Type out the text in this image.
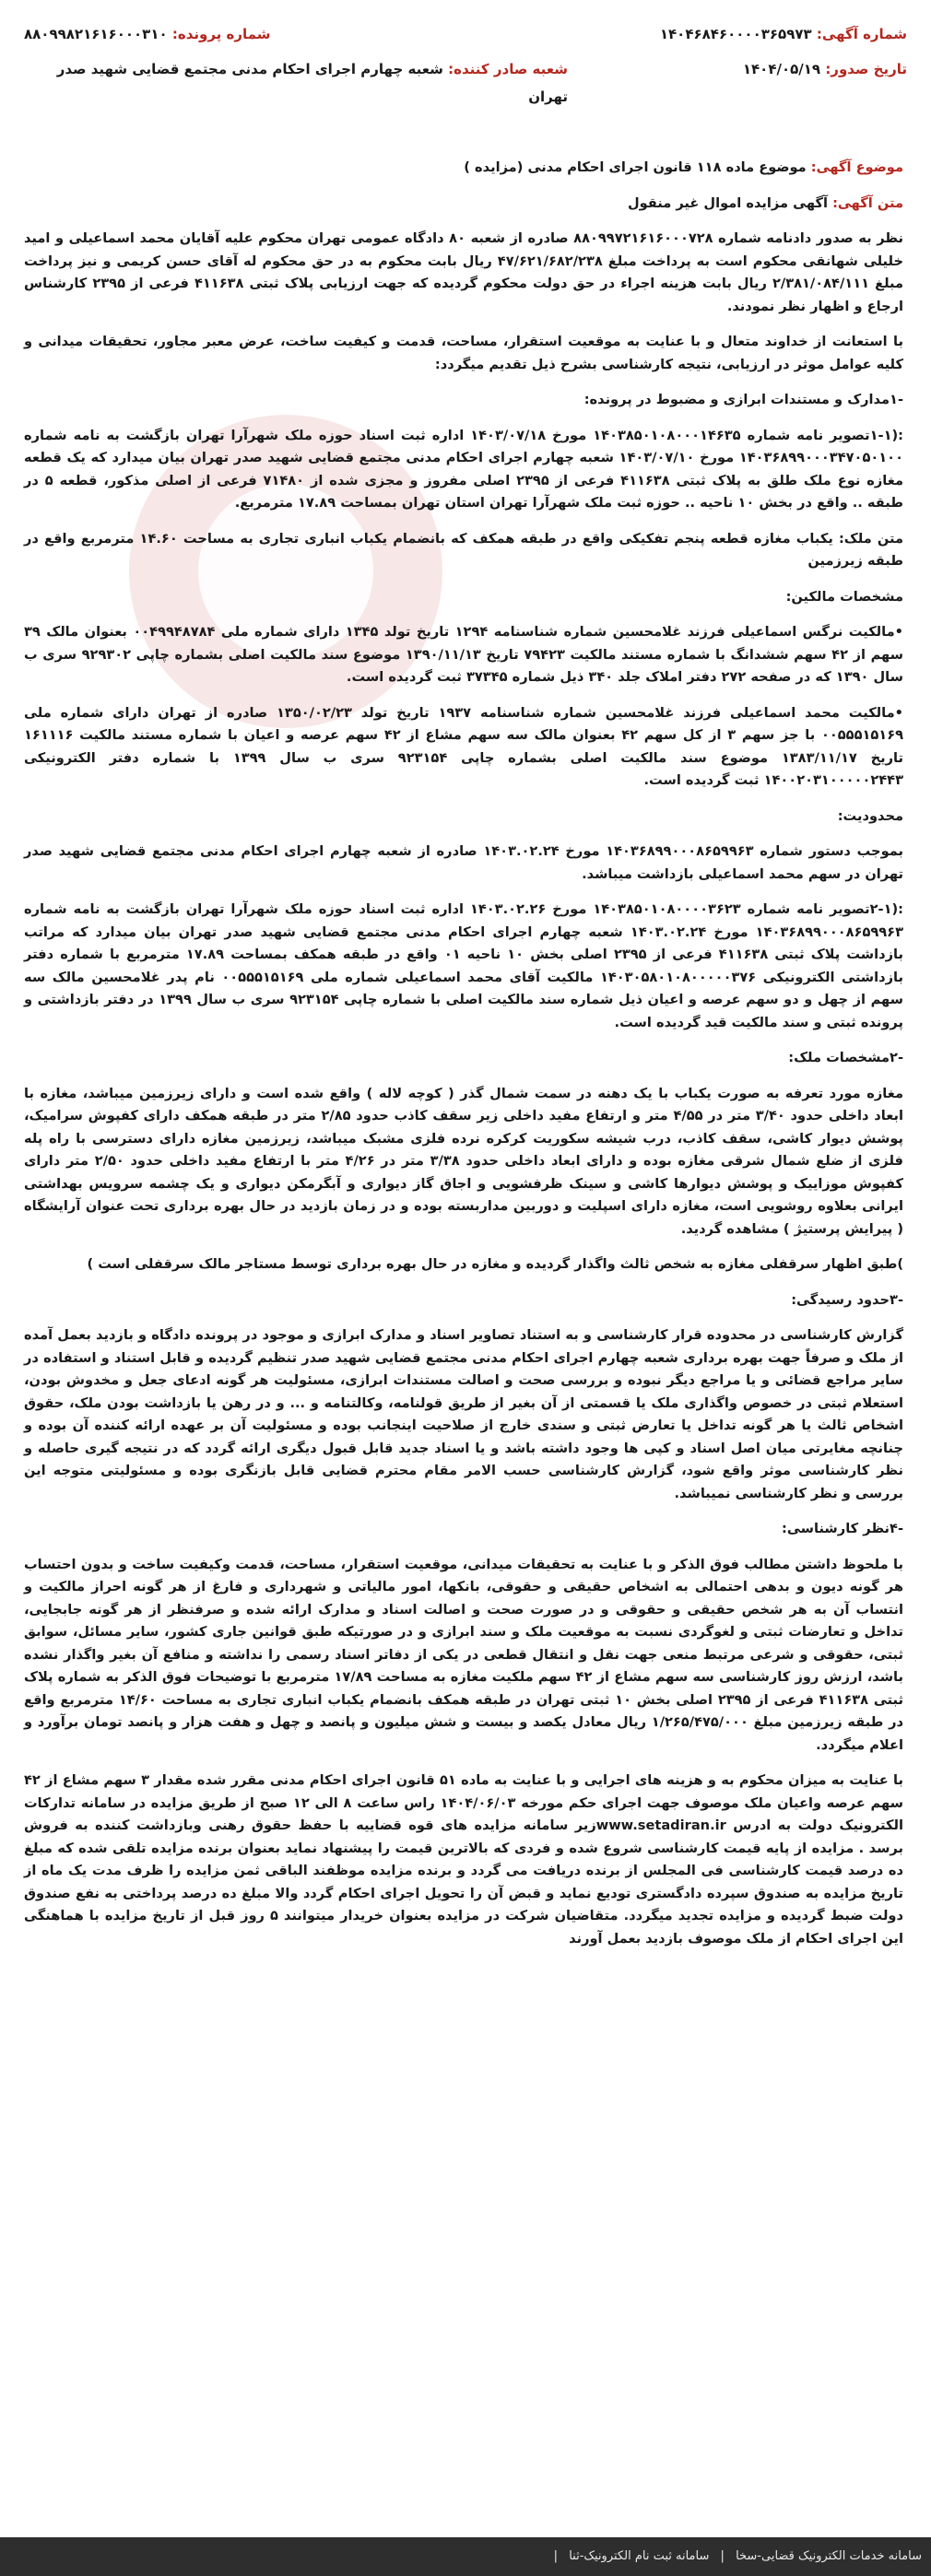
شماره آگهی: ۱۴۰۴۶۸۴۶۰۰۰۰۳۶۵۹۷۳
شماره پرونده: ۸۸۰۹۹۸۲۱۶۱۶۰۰۰۳۱۰
تاریخ صدور: ۱۴۰۴/۰۵/۱۹
شعبه صادر کننده: شعبه چهارم اجرای احکام مدنی مجتمع قضایی شهید صدر تهران

موضوع آگهی: موضوع ماده ۱۱۸ قانون اجرای احکام مدنی (مزایده )

متن آگهی: آگهی مزایده اموال غیر منقول

نظر به صدور دادنامه شماره ۸۸۰۹۹۷۲۱۶۱۶۰۰۰۷۲۸ صادره از شعبه ۸۰ دادگاه عمومی تهران محکوم علیه آقایان محمد اسماعیلی و امید خلیلی شهانقی محکوم است به پرداخت مبلغ ۴۷/۶۲۱/۶۸۲/۲۳۸ ریال بابت محکوم به در حق محکوم له آقای حسن کریمی و نیز پرداخت مبلغ ۲/۳۸۱/۰۸۴/۱۱۱ ریال بابت هزینه اجراء در حق دولت محکوم گردیده که جهت ارزیابی پلاک ثبتی ۴۱۱۶۳۸ فرعی از ۲۳۹۵ کارشناس ارجاع و اظهار نظر نمودند.

با استعانت از خداوند متعال و با عنایت به موقعیت استقرار، مساحت، قدمت و کیفیت ساخت، عرض معبر مجاور، تحقیقات میدانی و کلیه عوامل موثر در ارزیابی، نتیجه کارشناسی بشرح ذیل تقدیم میگردد:

-۱مدارک و مستندات ابرازی و مضبوط در پرونده:

:(۱-۱تصویر نامه شماره ۱۴۰۳۸۵۰۱۰۸۰۰۰۱۴۶۳۵ مورخ ۱۴۰۳/۰۷/۱۸ اداره ثبت اسناد حوزه ملک شهرآرا تهران بازگشت به نامه شماره ۱۴۰۳۶۸۹۹۰۰۰۳۴۷۰۵۰۱۰۰ مورخ ۱۴۰۳/۰۷/۱۰ شعبه چهارم اجرای احکام مدنی مجتمع قضایی شهید صدر تهران بیان میدارد که یک قطعه مغازه نوع ملک طلق به پلاک ثبتی ۴۱۱۶۳۸ فرعی از ۲۳۹۵ اصلی مفروز و مجزی شده از ۷۱۴۸۰ فرعی از اصلی مذکور، قطعه ۵ در طبقه .. واقع در بخش ۱۰ ناحیه .. حوزه ثبت ملک شهرآرا تهران استان تهران بمساحت ۱۷.۸۹ مترمربع.

متن ملک: یکباب مغازه قطعه پنجم تفکیکی واقع در طبقه همکف که بانضمام یکباب انباری تجاری به مساحت ۱۴.۶۰ مترمربع واقع در طبقه زیرزمین

مشخصات مالکین:

•مالکیت نرگس اسماعیلی فرزند غلامحسین شماره شناسنامه ۱۲۹۴ تاریخ تولد ۱۳۴۵ دارای شماره ملی ۰۰۴۹۹۴۸۷۸۴ بعنوان مالک ۳۹ سهم از ۴۲ سهم ششدانگ با شماره مستند مالکیت ۷۹۴۲۳ تاریخ ۱۳۹۰/۱۱/۱۳ موضوع سند مالکیت اصلی بشماره چاپی ۹۲۹۳۰۲ سری ب سال ۱۳۹۰ که در صفحه ۲۷۲ دفتر املاک جلد ۳۴۰ ذیل شماره ۳۷۳۴۵ ثبت گردیده است.

•مالکیت محمد اسماعیلی فرزند غلامحسین شماره شناسنامه ۱۹۳۷ تاریخ تولد ۱۳۵۰/۰۲/۲۳ صادره از تهران دارای شماره ملی ۰۰۵۵۵۱۵۱۶۹ با جز سهم ۳ از کل سهم ۴۲ بعنوان مالک سه سهم مشاع از ۴۲ سهم عرصه و اعیان با شماره مستند مالکیت ۱۶۱۱۱۶ تاریخ ۱۳۸۳/۱۱/۱۷ موضوع سند مالکیت اصلی بشماره چاپی ۹۲۳۱۵۴ سری ب سال ۱۳۹۹ با شماره دفتر الکترونیکی ۱۴۰۰۲۰۳۱۰۰۰۰۰۲۴۴۳ ثبت گردیده است.

محدودیت:

بموجب دستور شماره ۱۴۰۳۶۸۹۹۰۰۰۸۶۵۹۹۶۳ مورخ ۱۴۰۳.۰۲.۲۴ صادره از شعبه چهارم اجرای احکام مدنی مجتمع قضایی شهید صدر تهران در سهم محمد اسماعیلی بازداشت میباشد.

:(۲-۱تصویر نامه شماره ۱۴۰۳۸۵۰۱۰۸۰۰۰۰۳۶۲۳ مورخ ۱۴۰۳.۰۲.۲۶ اداره ثبت اسناد حوزه ملک شهرآرا تهران بازگشت به نامه شماره ۱۴۰۳۶۸۹۹۰۰۰۸۶۵۹۹۶۳ مورخ ۱۴۰۳.۰۲.۲۴ شعبه چهارم اجرای احکام مدنی مجتمع قضایی شهید صدر تهران بیان میدارد که مراتب بازداشت پلاک ثبتی ۴۱۱۶۳۸ فرعی از ۲۳۹۵ اصلی بخش ۱۰ ناحیه ۰۱ واقع در طبقه همکف بمساحت ۱۷.۸۹ مترمربع با شماره دفتر بازداشتی الکترونیکی ۱۴۰۳۰۵۸۰۱۰۸۰۰۰۰۰۳۷۶ مالکیت آقای محمد اسماعیلی شماره ملی ۰۰۵۵۵۱۵۱۶۹ نام پدر غلامحسین مالک سه سهم از چهل و دو سهم عرصه و اعیان ذیل شماره سند مالکیت اصلی با شماره چاپی ۹۲۳۱۵۴ سری ب سال ۱۳۹۹ در دفتر بازداشتی و پرونده ثبتی و سند مالکیت قید گردیده است.

-۲مشخصات ملک:

مغازه مورد تعرفه به صورت یکباب با یک دهنه در سمت شمال گذر ( کوچه لاله ) واقع شده است و دارای زیرزمین میباشد، مغازه با ابعاد داخلی حدود ۳/۴۰ متر در ۴/۵۵ متر و ارتفاع مفید داخلی زیر سقف کاذب حدود ۲/۸۵ متر در طبقه همکف دارای کفپوش سرامیک، پوشش دیوار کاشی، سقف کاذب، درب شیشه سکوریت کرکره نرده فلزی مشبک میباشد، زیرزمین مغازه دارای دسترسی با راه پله فلزی از ضلع شمال شرقی مغازه بوده و دارای ابعاد داخلی حدود ۳/۳۸ متر در ۴/۲۶ متر با ارتفاع مفید داخلی حدود ۲/۵۰ متر دارای کفپوش موزاییک و پوشش دیوارها کاشی و سینک ظرفشویی و اجاق گاز دیواری و آبگرمکن دیواری و یک چشمه سرویس بهداشتی ایرانی بعلاوه روشویی است، مغازه دارای اسپلیت و دوربین مداربسته بوده و در زمان بازدید در حال بهره برداری تحت عنوان آرایشگاه ( پیرایش پرستیژ ) مشاهده گردید.

)طبق اظهار سرقفلی مغازه به شخص ثالث واگذار گردیده و مغازه در حال بهره برداری توسط مستاجر مالک سرقفلی است )

-۳حدود رسیدگی:

گزارش کارشناسی در محدوده قرار کارشناسی و به استناد تصاویر اسناد و مدارک ابرازی و موجود در پرونده دادگاه و بازدید بعمل آمده از ملک و صرفاً جهت بهره برداری شعبه چهارم اجرای احکام مدنی مجتمع قضایی شهید صدر تنظیم گردیده و قابل استناد و استفاده در سایر مراجع قضائی و یا مراجع دیگر نبوده و بررسی صحت و اصالت مستندات ابرازی، مسئولیت هر گونه ادعای جعل و مخدوش بودن، استعلام ثبتی در خصوص واگذاری ملک یا قسمتی از آن بغیر از طریق قولنامه، وکالتنامه و ... و در رهن یا بازداشت بودن ملک، حقوق اشخاص ثالث یا هر گونه تداخل یا تعارض ثبتی و سندی خارج از صلاحیت اینجانب بوده و مسئولیت آن بر عهده ارائه کننده آن بوده و چنانچه مغایرتی میان اصل اسناد و کپی ها وجود داشته باشد و یا اسناد جدید قابل قبول دیگری ارائه گردد که در نتیجه گیری حاصله و نظر کارشناسی موثر واقع شود، گزارش کارشناسی حسب الامر مقام محترم قضایی قابل بازنگری بوده و مسئولیتی متوجه این بررسی و نظر کارشناسی نمیباشد.

-۴نظر کارشناسی:

با ملحوظ داشتن مطالب فوق الذکر و با عنایت به تحقیقات میدانی، موقعیت استقرار، مساحت، قدمت وکیفیت ساخت و بدون احتساب هر گونه دیون و بدهی احتمالی به اشخاص حقیقی و حقوقی، بانکها، امور مالیاتی و شهرداری و فارغ از هر گونه احراز مالکیت و انتساب آن به هر شخص حقیقی و حقوقی و در صورت صحت و اصالت اسناد و مدارک ارائه شده و صرفنظر از هر گونه جابجایی، تداخل و تعارضات ثبتی و لغوگردی نسبت به موقعیت ملک و سند ابرازی و در صورتیکه طبق قوانین جاری کشور، سایر مسائل، سوابق ثبتی، حقوقی و شرعی مرتبط منعی جهت نقل و انتقال قطعی در یکی از دفاتر اسناد رسمی را نداشته و منافع آن بغیر واگذار نشده باشد، ارزش روز کارشناسی سه سهم مشاع از ۴۲ سهم ملکیت مغازه به مساحت ۱۷/۸۹ مترمربع با توضیحات فوق الذکر به شماره پلاک ثبتی ۴۱۱۶۳۸ فرعی از ۲۳۹۵ اصلی بخش ۱۰ ثبتی تهران در طبقه همکف بانضمام یکباب انباری تجاری به مساحت ۱۴/۶۰ مترمربع واقع در طبقه زیرزمین مبلغ ۱/۲۶۵/۴۷۵/۰۰۰ ریال معادل یکصد و بیست و شش میلیون و پانصد و چهل و هفت هزار و پانصد تومان برآورد و اعلام میگردد.

با عنایت به میزان محکوم به و هزینه های اجرایی و با عنایت به ماده ۵۱ قانون اجرای احکام مدنی مقرر شده مقدار ۳ سهم مشاع از ۴۲ سهم عرصه واعیان ملک موصوف جهت اجرای حکم مورخه ۱۴۰۴/۰۶/۰۳ راس ساعت ۸ الی ۱۲ صبح از طریق مزایده در سامانه تدارکات الکترونیک دولت به ادرس www.setadiran.irزیر سامانه مزایده های قوه قضاییه با حفظ حقوق رهنی وبازداشت کننده به فروش برسد . مزایده از پایه قیمت کارشناسی شروع شده و فردی که بالاترین قیمت را پیشنهاد نماید بعنوان برنده مزایده تلقی شده که مبلغ ده درصد قیمت کارشناسی فی المجلس از برنده دریافت می گردد و برنده مزایده موظفند الباقی ثمن مزایده را ظرف مدت یک ماه از تاریخ مزایده به صندوق سپرده دادگستری تودیع نماید و قبض آن را تحویل اجرای احکام گردد والا مبلغ ده درصد پرداختی به نفع صندوق دولت ضبط گردیده و مزایده تجدید میگردد. متقاضیان شرکت در مزایده بعنوان خریدار میتوانند ۵ روز قبل از تاریخ مزایده با هماهنگی این اجرای احکام از ملک موصوف بازدید بعمل آورند

سامانه خدمات الکترونیک قضایی-سخا | سامانه ثبت نام الکترونیک-ثنا |
